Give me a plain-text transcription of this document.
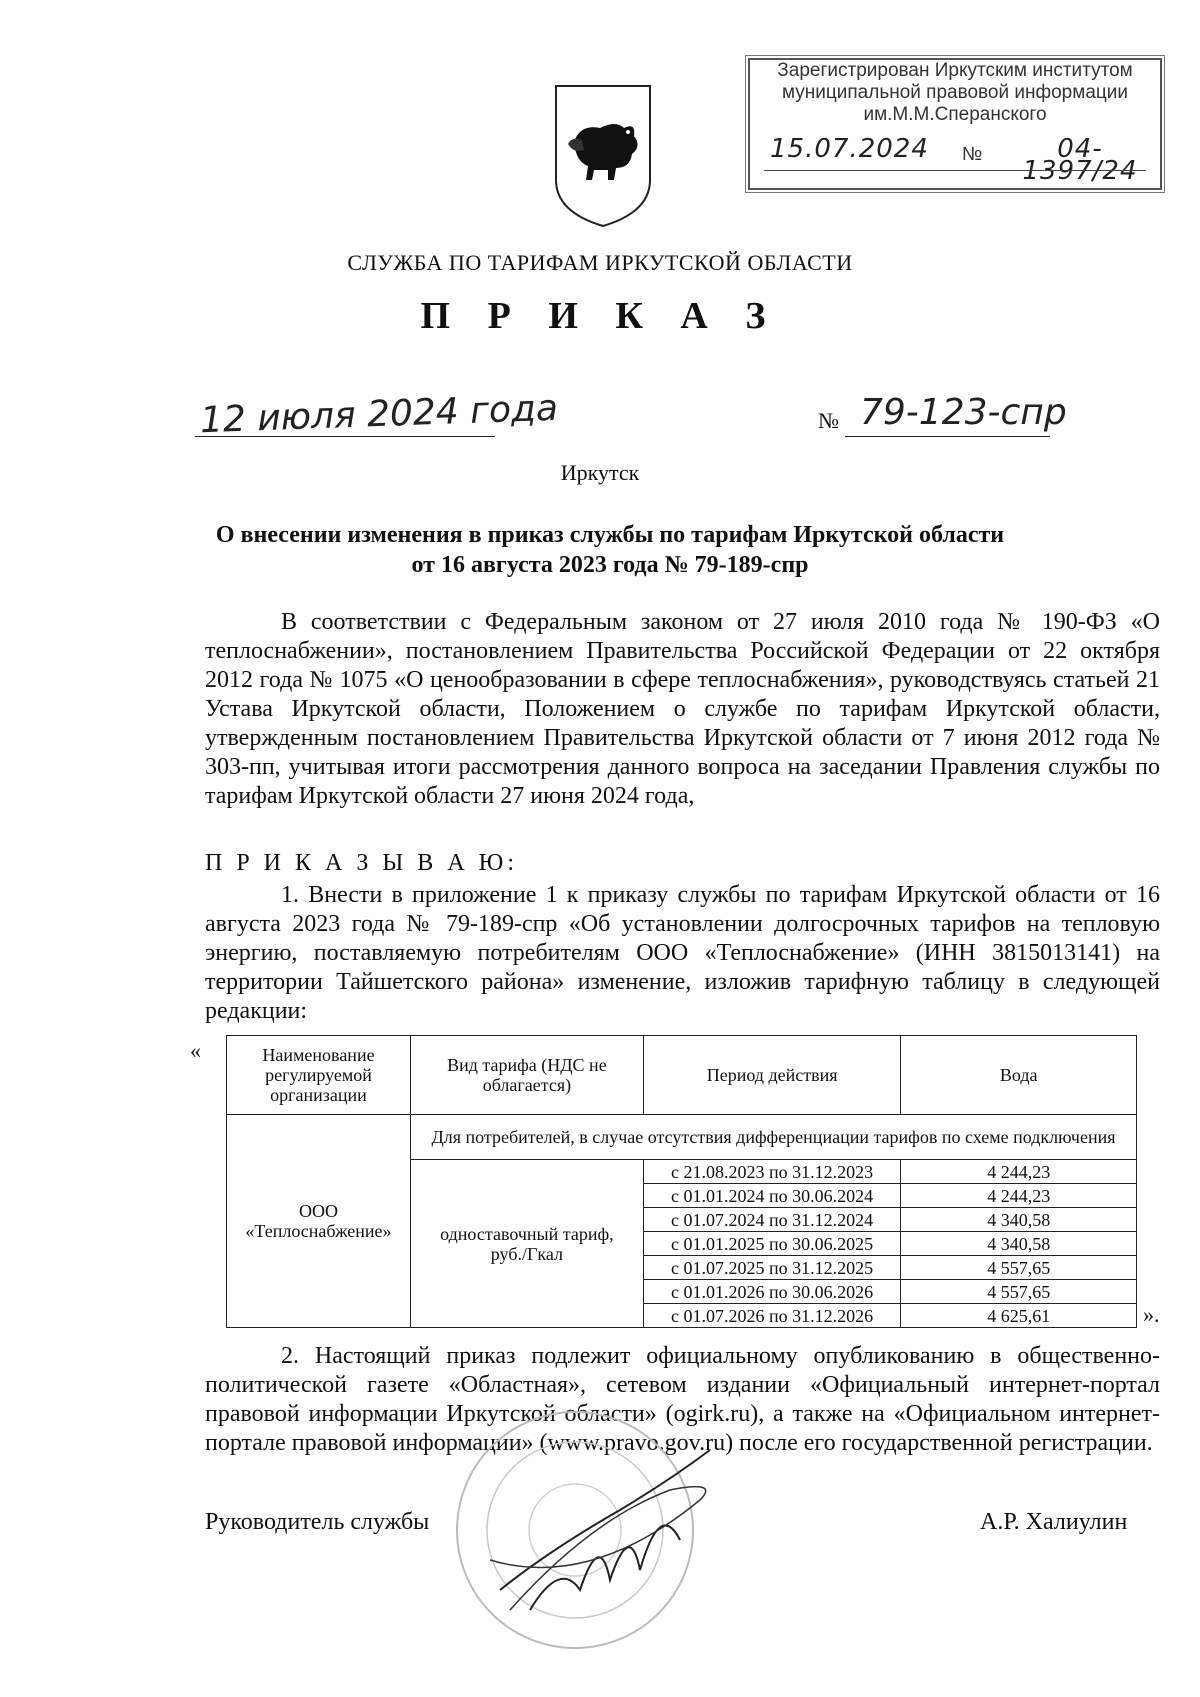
Зарегистрирован Иркутским институтом
муниципальной правовой информации
им.М.М.Сперанского
15.07.2024 №	04-1397/24
СЛУЖБА ПО ТАРИФАМ ИРКУТСКОЙ ОБЛАСТИ
П Р И К А З
12 июля 2024 года	№ 79-123-спр
Иркутск
О внесении изменения в приказ службы по тарифам Иркутской области
от 16 августа 2023 года № 79-189-спр
В соответствии с Федеральным законом от 27 июля 2010 года № 190-ФЗ «О теплоснабжении», постановлением Правительства Российской Федерации от 22 октября 2012 года № 1075 «О ценообразовании в сфере теплоснабжения», руководствуясь статьей 21 Устава Иркутской области, Положением о службе по тарифам Иркутской области, утвержденным постановлением Правительства Иркутской области от 7 июня 2012 года № 303-пп, учитывая итоги рассмотрения данного вопроса на заседании Правления службы по тарифам Иркутской области 27 июня 2024 года,
П Р И К А З Ы В А Ю:
1. Внести в приложение 1 к приказу службы по тарифам Иркутской области от 16 августа 2023 года № 79-189-спр «Об установлении долгосрочных тарифов на тепловую энергию, поставляемую потребителям ООО «Теплоснабжение» (ИНН 3815013141) на территории Тайшетского района» изменение, изложив тарифную таблицу в следующей редакции:
«	Наименование регулируемой организации	Вид тарифа (НДС не облагается)	Период действия	Вода
ООО «Теплоснабжение»	Для потребителей, в случае отсутствия дифференциации тарифов по схеме подключения		
	одноставочный тариф, руб./Гкал	с 21.08.2023 по 31.12.2023	4 244,23
		с 01.01.2024 по 30.06.2024	4 244,23
		с 01.07.2024 по 31.12.2024	4 340,58
		с 01.01.2025 по 30.06.2025	4 340,58
		с 01.07.2025 по 31.12.2025	4 557,65
		с 01.01.2026 по 30.06.2026	4 557,65
		с 01.07.2026 по 31.12.2026	4 625,61	».
2. Настоящий приказ подлежит официальному опубликованию в общественно-политической газете «Областная», сетевом издании «Официальный интернет-портал правовой информации Иркутской области» (ogirk.ru), а также на «Официальном интернет-портале правовой информации» (www.pravo.gov.ru) после его государственной регистрации.
Руководитель службы	А.Р. Халиулин
